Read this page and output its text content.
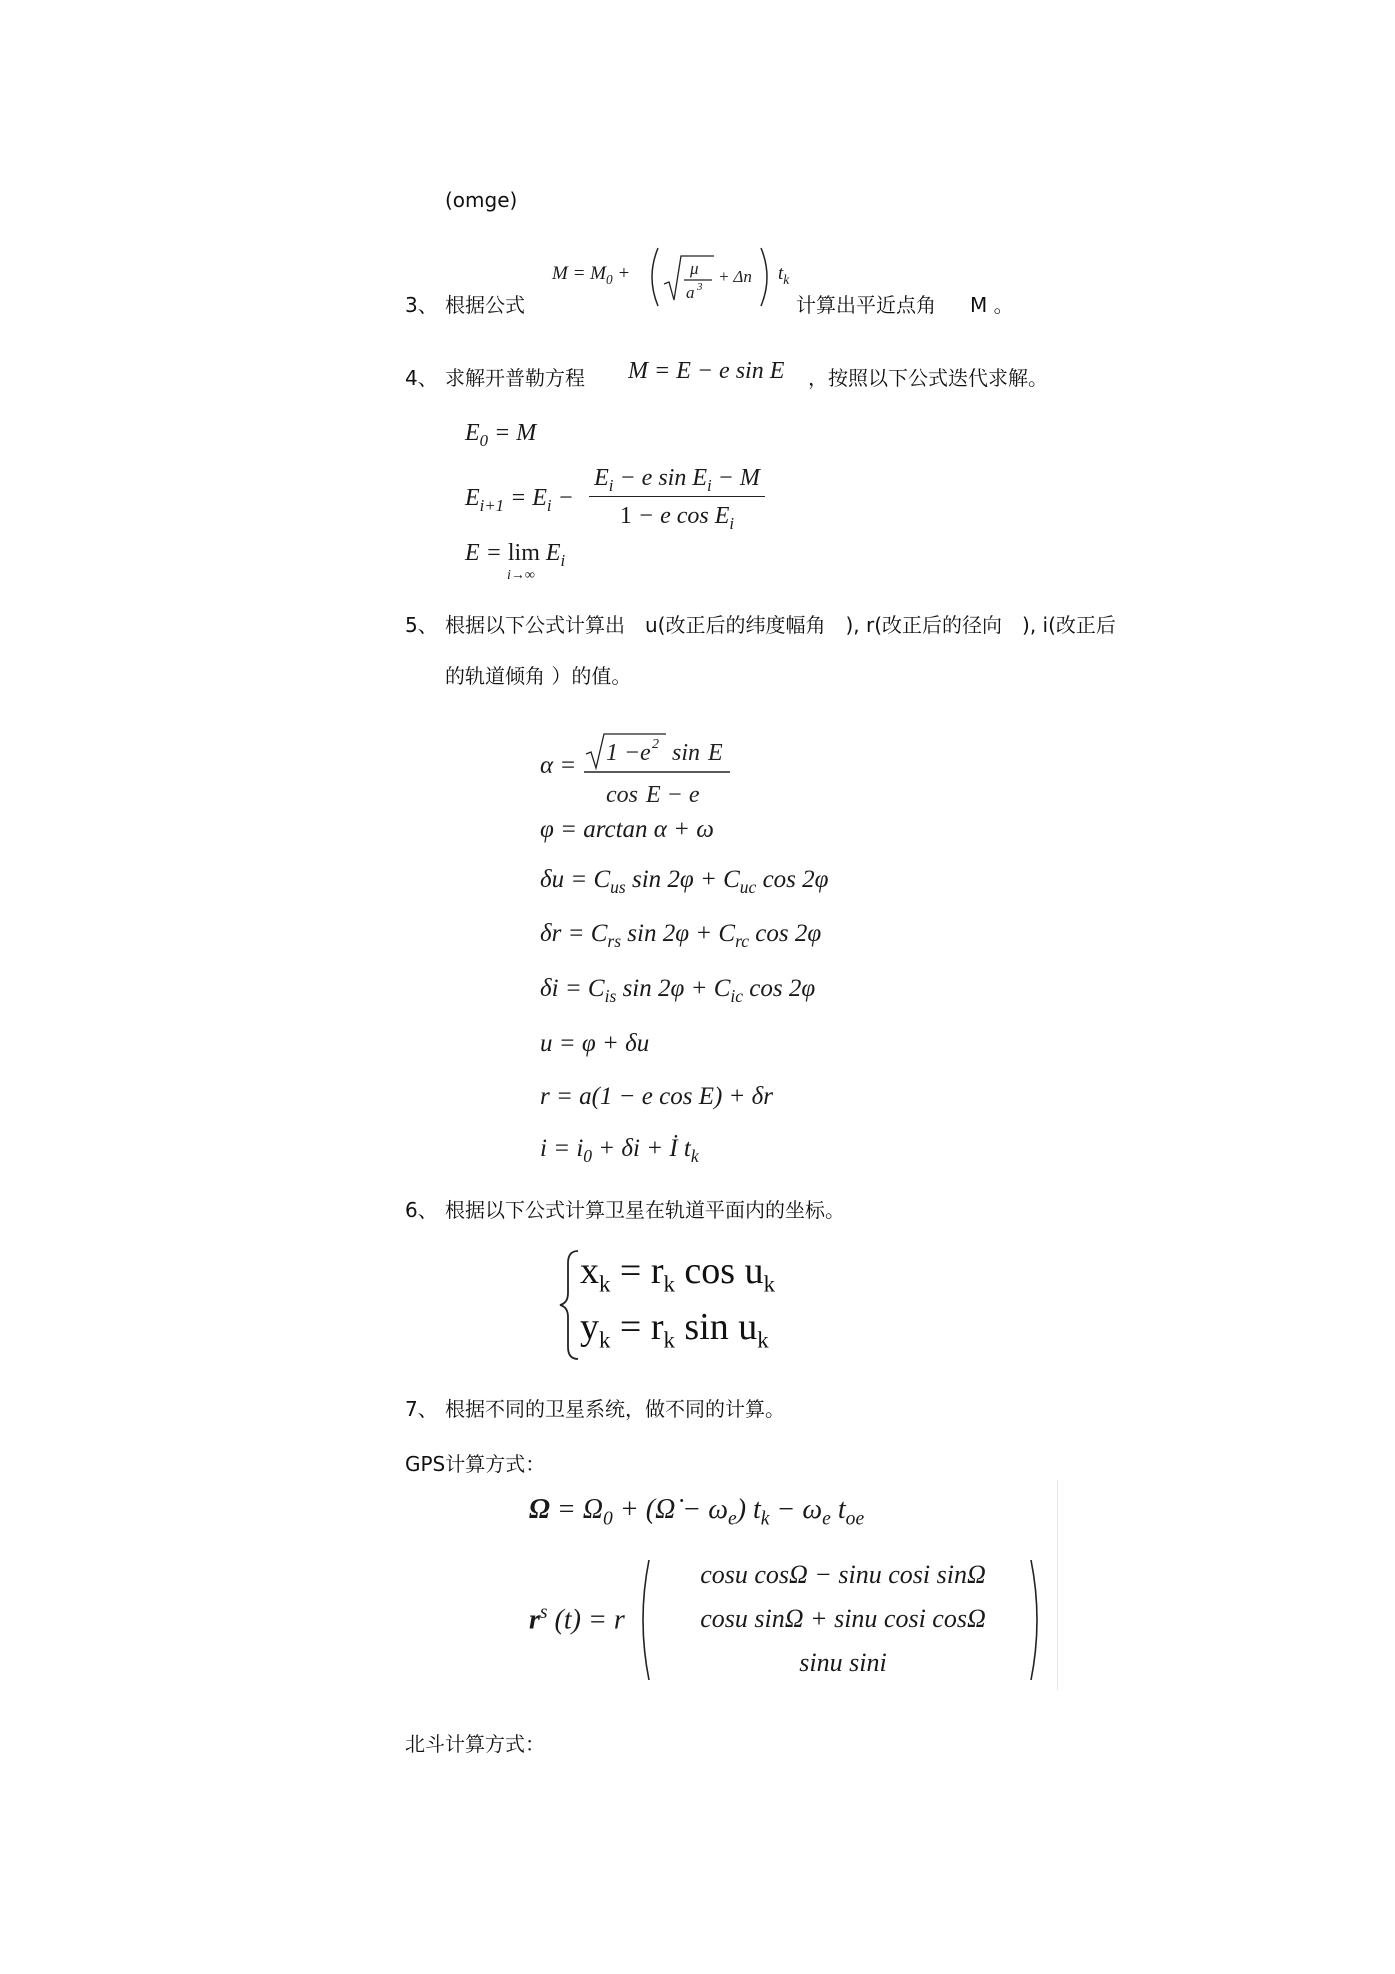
(omge)
3、 根据公式
$M = M_0$ +	μ
a 3
+ Δn $t_k$
计算出平近点角 M 。
4、 求解开普勒方程 M = E − e sin E ，按照以下公式迭代求解。
$E_0 = M$
$E_{i+1} = E_i$ −
$E_i - e$ $\sin E_i - M$
1 − e $\cos E_i$
$E = \lim E_i$
i→∞
5、 根据以下公式计算出　u(改正后的纬度幅角　), r(改正后的径向　), i(改正后
的轨道倾角 ）的值。
α = 1 − e 2 sin E
cos E − e
φ = arctan α + ω
$\delta u = C_{us}$ $\sin 2\varphi + C_{uc}$ cos 2φ
$\delta r = C_{rs}$ $\sin 2\varphi + C_{rc}$ cos 2φ
$\delta i = C_{is}$ $\sin 2\varphi + C_{ic}$ cos 2φ
u = φ + δu
r = a(1 − e cos E) + δr
$i = i_0 + \delta i$ + İ $t_k$
6、 根据以下公式计算卫星在轨道平面内的坐标。
$x_k = r_k$ $\cos u_k$
$y_k = r_k$ $\sin u_k$
7、 根据不同的卫星系统，做不同的计算。
GPS计算方式：
$\Omega = \Omega_0$ + (Ω̇ − $\omega_e$) $t_k - \omega_e$ $t_{oe}$
$r^s$ (t) = r
cosu cosΩ − sinu cosi sinΩ
cosu sinΩ + sinu cosi cosΩ
sinu sini
北斗计算方式：
